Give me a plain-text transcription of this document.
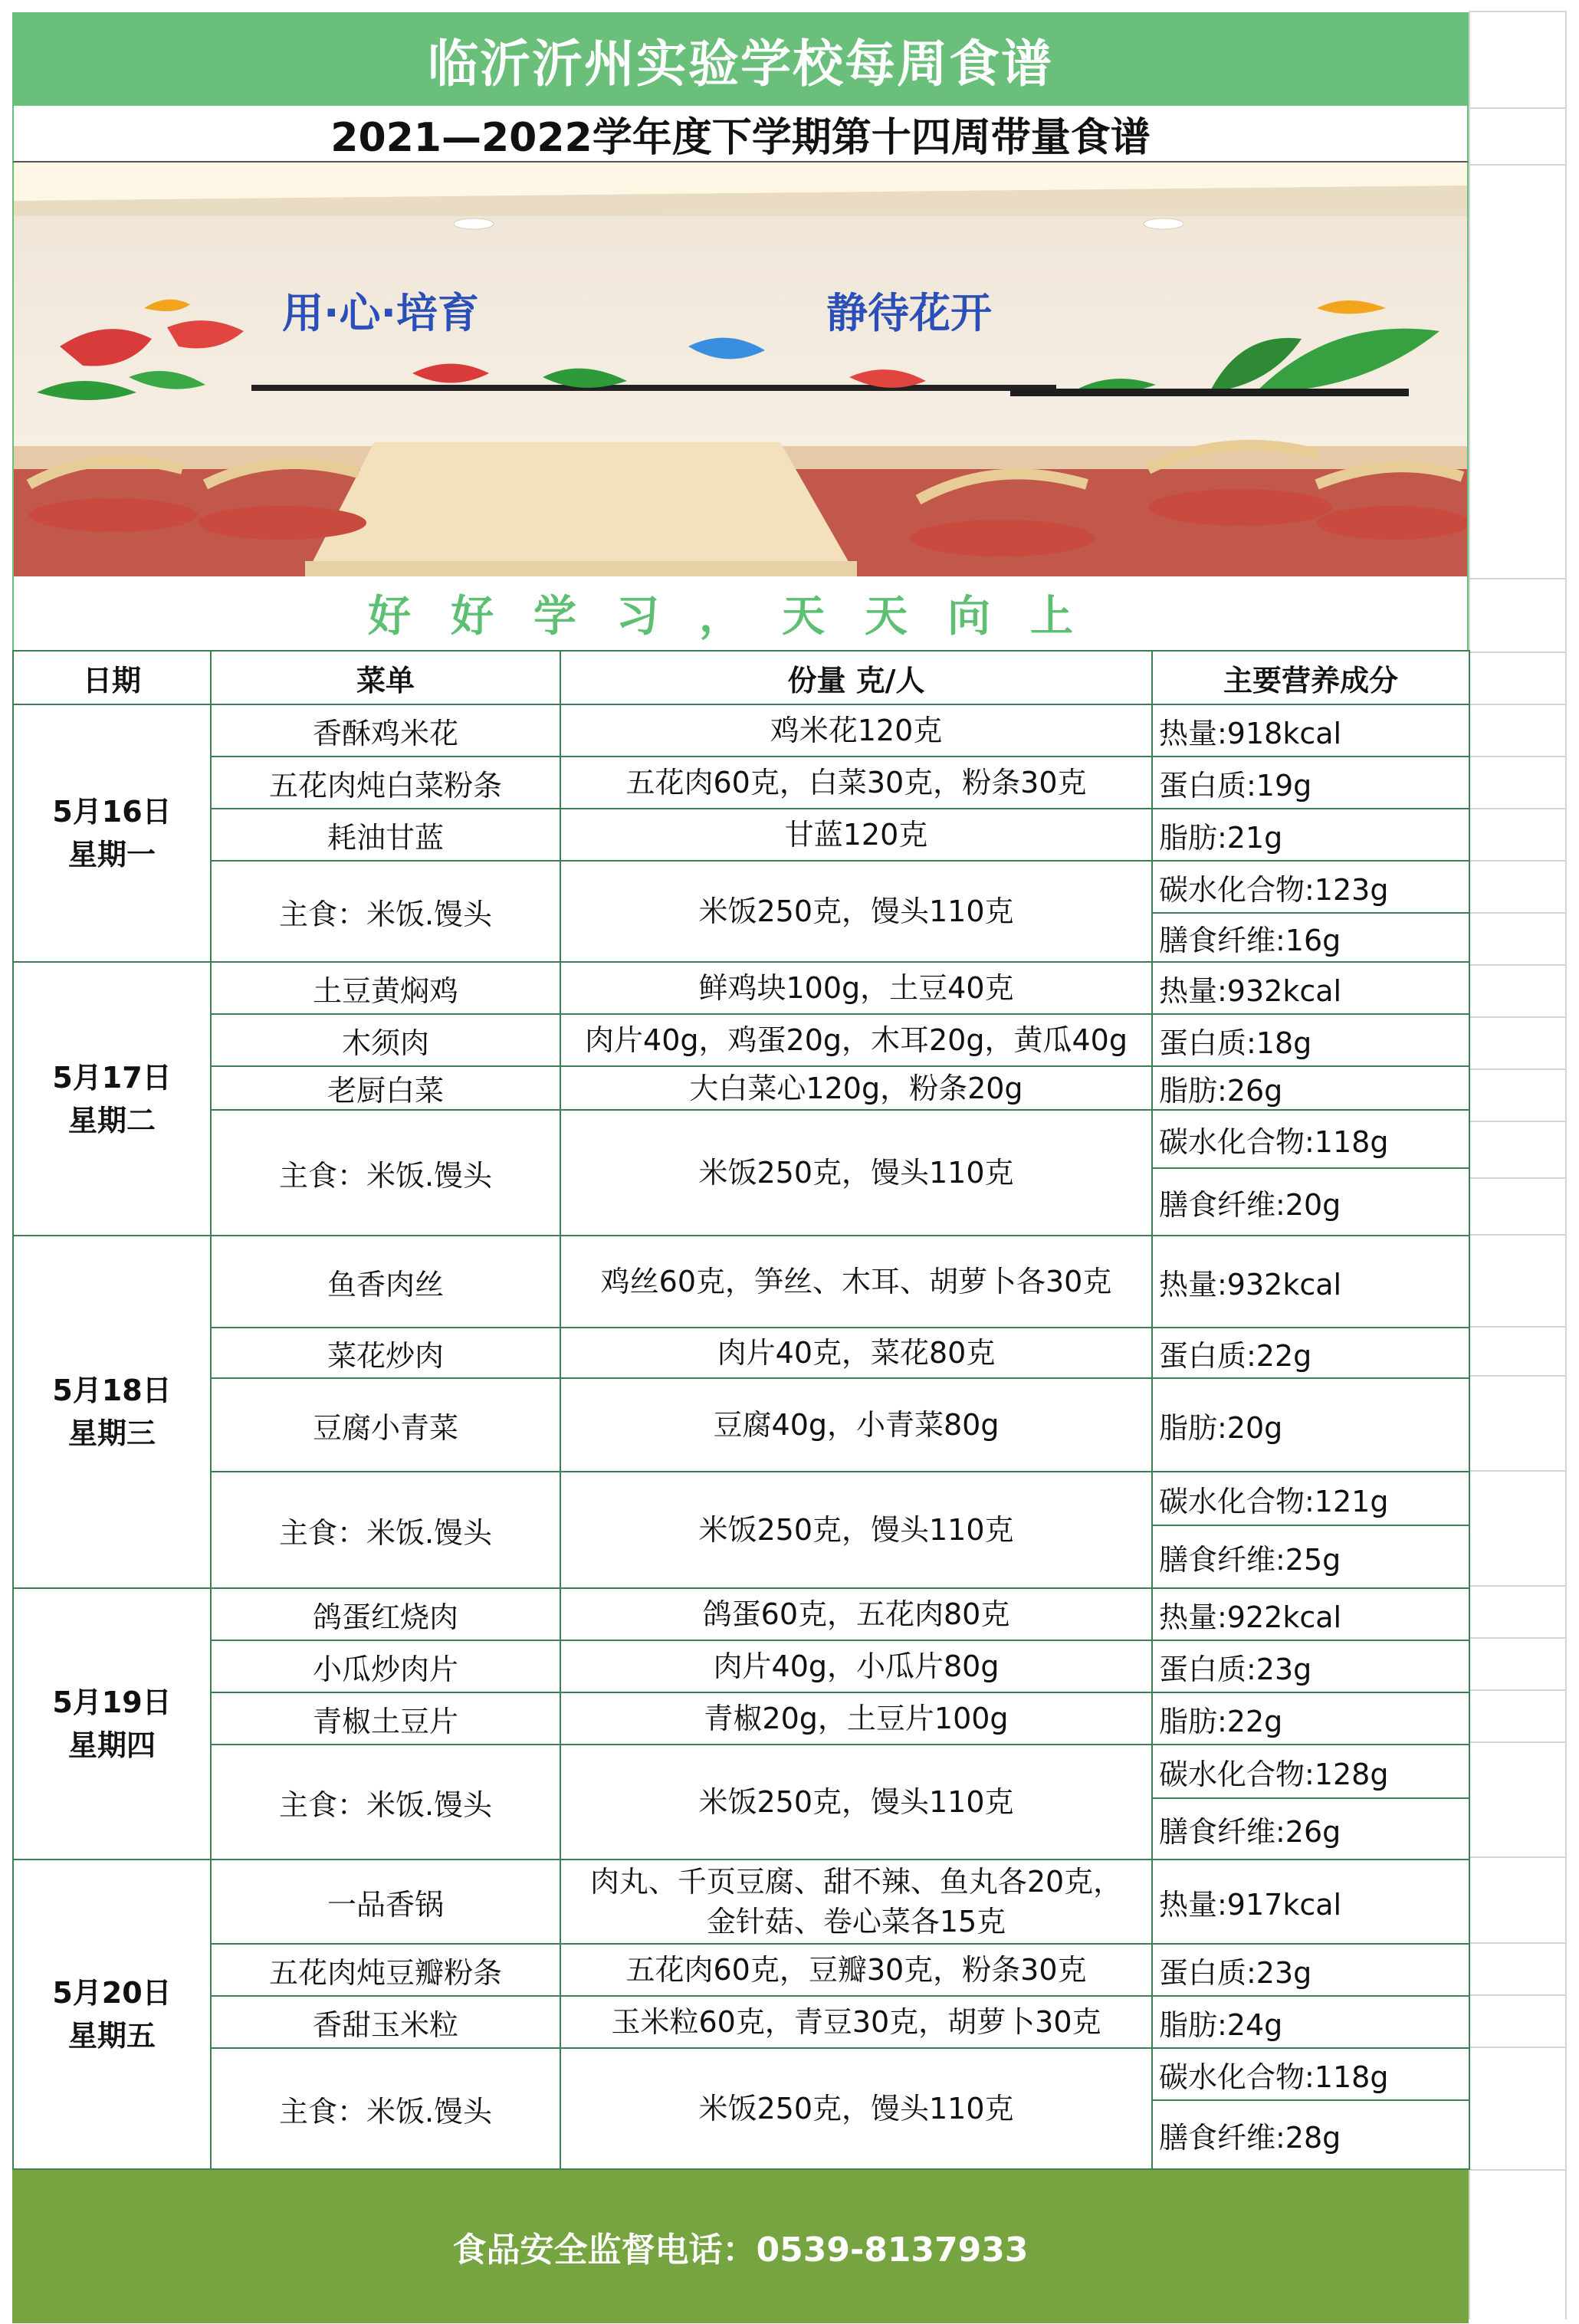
临沂沂州实验学校每周食谱
2021—2022学年度下学期第十四周带量食谱
用·心·培育	静待花开
好好学习，天天向上
日期	菜单	份量 克/人	主要营养成分
5月16日
星期一	香酥鸡米花	鸡米花120克	热量:918kcal
	五花肉炖白菜粉条	五花肉60克，白菜30克，粉条30克	蛋白质:19g
	耗油甘蓝	甘蓝120克	脂肪:21g
	主食：米饭.馒头	米饭250克，馒头110克	碳水化合物:123g
			膳食纤维:16g
5月17日
星期二	土豆黄焖鸡	鲜鸡块100g，土豆40克	热量:932kcal
	木须肉	肉片40g，鸡蛋20g，木耳20g，黄瓜40g	蛋白质:18g
	老厨白菜	大白菜心120g，粉条20g	脂肪:26g
	主食：米饭.馒头	米饭250克，馒头110克	碳水化合物:118g
			膳食纤维:20g
5月18日
星期三	鱼香肉丝	鸡丝60克，笋丝、木耳、胡萝卜各30克	热量:932kcal
	菜花炒肉	肉片40克，菜花80克	蛋白质:22g
	豆腐小青菜	豆腐40g，小青菜80g	脂肪:20g
	主食：米饭.馒头	米饭250克，馒头110克	碳水化合物:121g
			膳食纤维:25g
5月19日
星期四	鸽蛋红烧肉	鸽蛋60克，五花肉80克	热量:922kcal
	小瓜炒肉片	肉片40g，小瓜片80g	蛋白质:23g
	青椒土豆片	青椒20g，土豆片100g	脂肪:22g
	主食：米饭.馒头	米饭250克，馒头110克	碳水化合物:128g
			膳食纤维:26g
5月20日
星期五	一品香锅	肉丸、千页豆腐、甜不辣、鱼丸各20克，金针菇、卷心菜各15克	热量:917kcal
	五花肉炖豆瓣粉条	五花肉60克，豆瓣30克，粉条30克	蛋白质:23g
	香甜玉米粒	玉米粒60克，青豆30克，胡萝卜30克	脂肪:24g
	主食：米饭.馒头	米饭250克，馒头110克	碳水化合物:118g
			膳食纤维:28g
食品安全监督电话：0539-8137933
